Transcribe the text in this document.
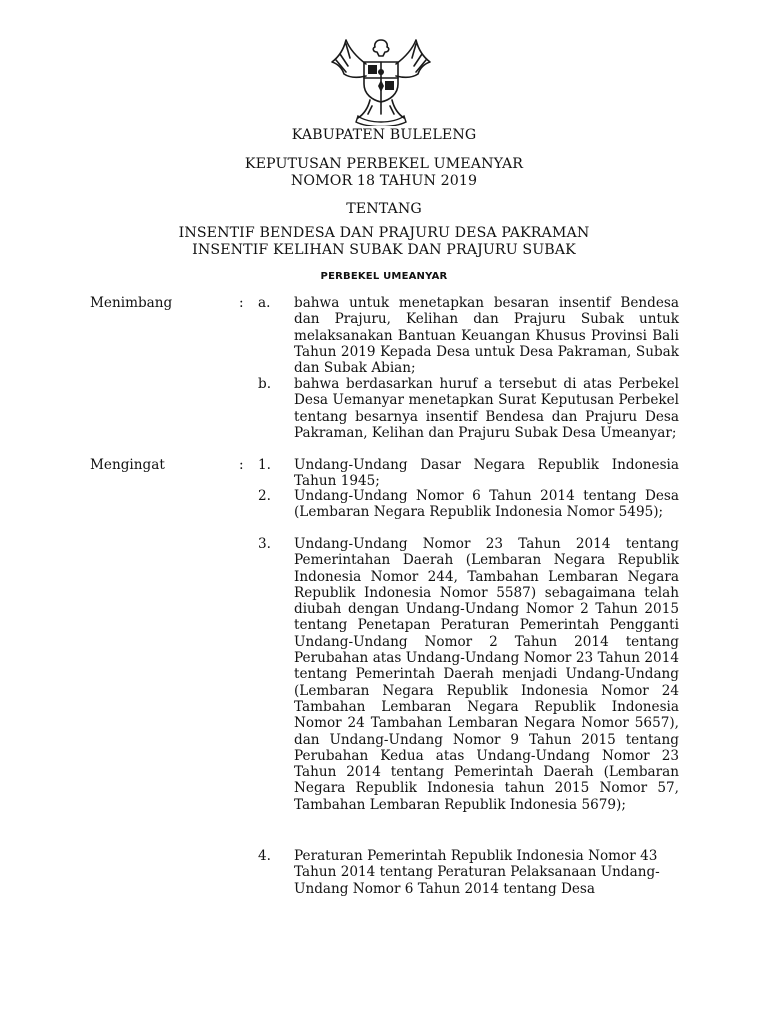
KABUPATEN BULELENG
KEPUTUSAN PERBEKEL UMEANYAR
NOMOR 18 TAHUN 2019
TENTANG
INSENTIF BENDESA DAN PRAJURU DESA PAKRAMAN
INSENTIF KELIHAN SUBAK DAN PRAJURU SUBAK
PERBEKEL UMEANYAR
Menimbang	: a. bahwa untuk menetapkan besaran insentif Bendesa dan Prajuru, Kelihan dan Prajuru Subak untuk melaksanakan Bantuan Keuangan Khusus Provinsi Bali Tahun 2019 Kepada Desa untuk Desa Pakraman, Subak dan Subak Abian;
b. bahwa berdasarkan huruf a tersebut di atas Perbekel Desa Uemanyar menetapkan Surat Keputusan Perbekel tentang besarnya insentif Bendesa dan Prajuru Desa Pakraman, Kelihan dan Prajuru Subak Desa Umeanyar;
Mengingat	: 1. Undang-Undang Dasar Negara Republik Indonesia Tahun 1945;
2. Undang-Undang Nomor 6 Tahun 2014 tentang Desa (Lembaran Negara Republik Indonesia Nomor 5495);
3. Undang-Undang Nomor 23 Tahun 2014 tentang Pemerintahan Daerah (Lembaran Negara Republik Indonesia Nomor 244, Tambahan Lembaran Negara Republik Indonesia Nomor 5587) sebagaimana telah diubah dengan Undang-Undang Nomor 2 Tahun 2015 tentang Penetapan Peraturan Pemerintah Pengganti Undang-Undang Nomor 2 Tahun 2014 tentang Perubahan atas Undang-Undang Nomor 23 Tahun 2014 tentang Pemerintah Daerah menjadi Undang-Undang (Lembaran Negara Republik Indonesia Nomor 24 Tambahan Lembaran Negara Republik Indonesia Nomor 24 Tambahan Lembaran Negara Nomor 5657), dan Undang-Undang Nomor 9 Tahun 2015 tentang Perubahan Kedua atas Undang-Undang Nomor 23 Tahun 2014 tentang Pemerintah Daerah (Lembaran Negara Republik Indonesia tahun 2015 Nomor 57, Tambahan Lembaran Republik Indonesia 5679);
4. Peraturan Pemerintah Republik Indonesia Nomor 43 Tahun 2014 tentang Peraturan Pelaksanaan Undang-Undang Nomor 6 Tahun 2014 tentang Desa
